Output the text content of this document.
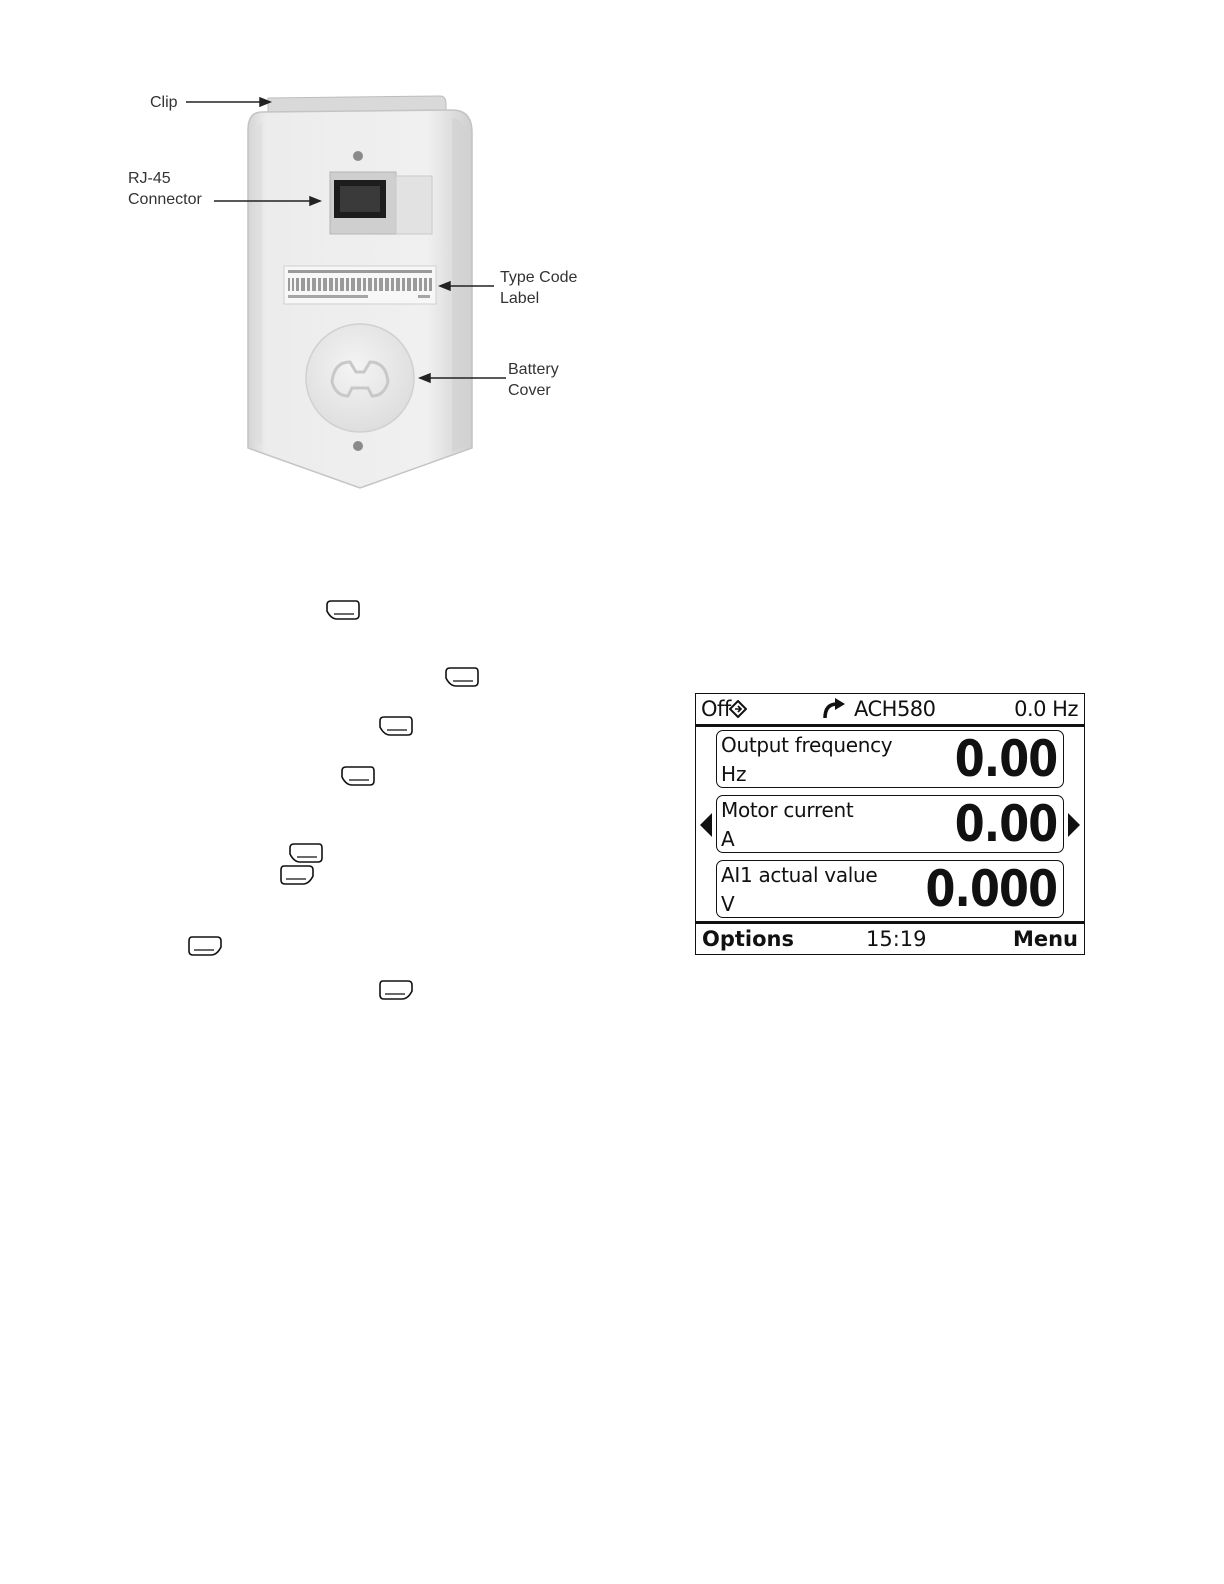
Clip

RJ-45
Connector

Type Code
Label

Battery
Cover

Off	ACH580	0.0 Hz
Output frequency
Hz	0.00
Motor current
A	0.00
AI1 actual value
V	0.000
Options	15:19	Menu
